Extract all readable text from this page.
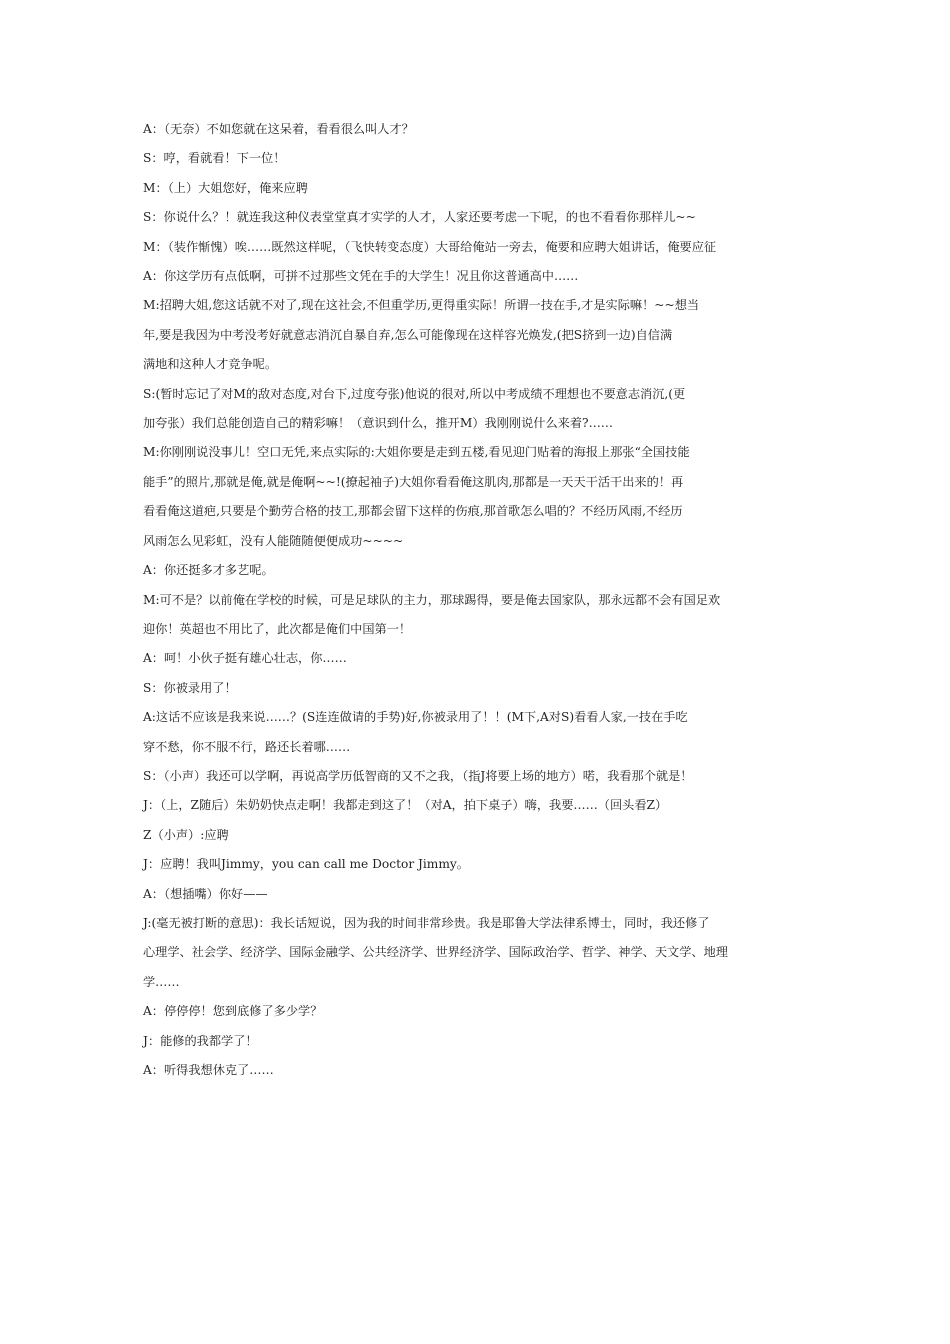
A：（无奈）不如您就在这呆着，看看很么叫人才？

S：哼，看就看！下一位！

M：（上）大姐您好，俺来应聘

S：你说什么？！就连我这种仪表堂堂真才实学的人才，人家还要考虑一下呢，的也不看看你那样儿~~

M：（装作惭愧）唉……既然这样呢，（飞快转变态度）大哥给俺站一旁去，俺要和应聘大姐讲话，俺要应征

A：你这学历有点低啊，可拼不过那些文凭在手的大学生！况且你这普通高中……

M:招聘大姐,您这话就不对了,现在这社会,不但重学历,更得重实际！所谓一技在手,才是实际嘛！~~想当

年,要是我因为中考没考好就意志消沉自暴自弃,怎么可能像现在这样容光焕发,(把S挤到一边)自信满

满地和这种人才竞争呢。

S:(暂时忘记了对M的敌对态度,对台下,过度夸张)他说的很对,所以中考成绩不理想也不要意志消沉,(更

加夸张）我们总能创造自己的精彩嘛！（意识到什么，推开M）我刚刚说什么来着?……

M:你刚刚说没事儿！空口无凭,来点实际的:大姐你要是走到五楼,看见迎门贴着的海报上那张“全国技能

能手”的照片,那就是俺,就是俺啊~~!(撩起袖子)大姐你看看俺这肌肉,那都是一天天干活干出来的！再

看看俺这道疤,只要是个勤劳合格的技工,那都会留下这样的伤痕,那首歌怎么唱的？不经历风雨,不经历

风雨怎么见彩虹，没有人能随随便便成功~~~~

A：你还挺多才多艺呢。

M:可不是？以前俺在学校的时候，可是足球队的主力，那球踢得，要是俺去国家队，那永远都不会有国足欢

迎你！英超也不用比了，此次都是俺们中国第一！

A：呵！小伙子挺有雄心壮志，你……

S：你被录用了！

A:这话不应该是我来说……？(S连连做请的手势)好,你被录用了！！(M下,A对S)看看人家,一技在手吃

穿不愁，你不服不行，路还长着哪……

S：（小声）我还可以学啊，再说高学历低智商的又不之我，（指J将要上场的地方）喏，我看那个就是！

J：（上，Z随后）朱奶奶快点走啊！我都走到这了！（对A，拍下桌子）嗨，我要……（回头看Z）

Z（小声）:应聘

J：应聘！我叫Jimmy，you can call me Doctor Jimmy。

A：（想插嘴）你好——

J:(毫无被打断的意思)：我长话短说，因为我的时间非常珍贵。我是耶鲁大学法律系博士，同时，我还修了

心理学、社会学、经济学、国际金融学、公共经济学、世界经济学、国际政治学、哲学、神学、天文学、地理

学……

A：停停停！您到底修了多少学？

J：能修的我都学了！

A：听得我想休克了……
